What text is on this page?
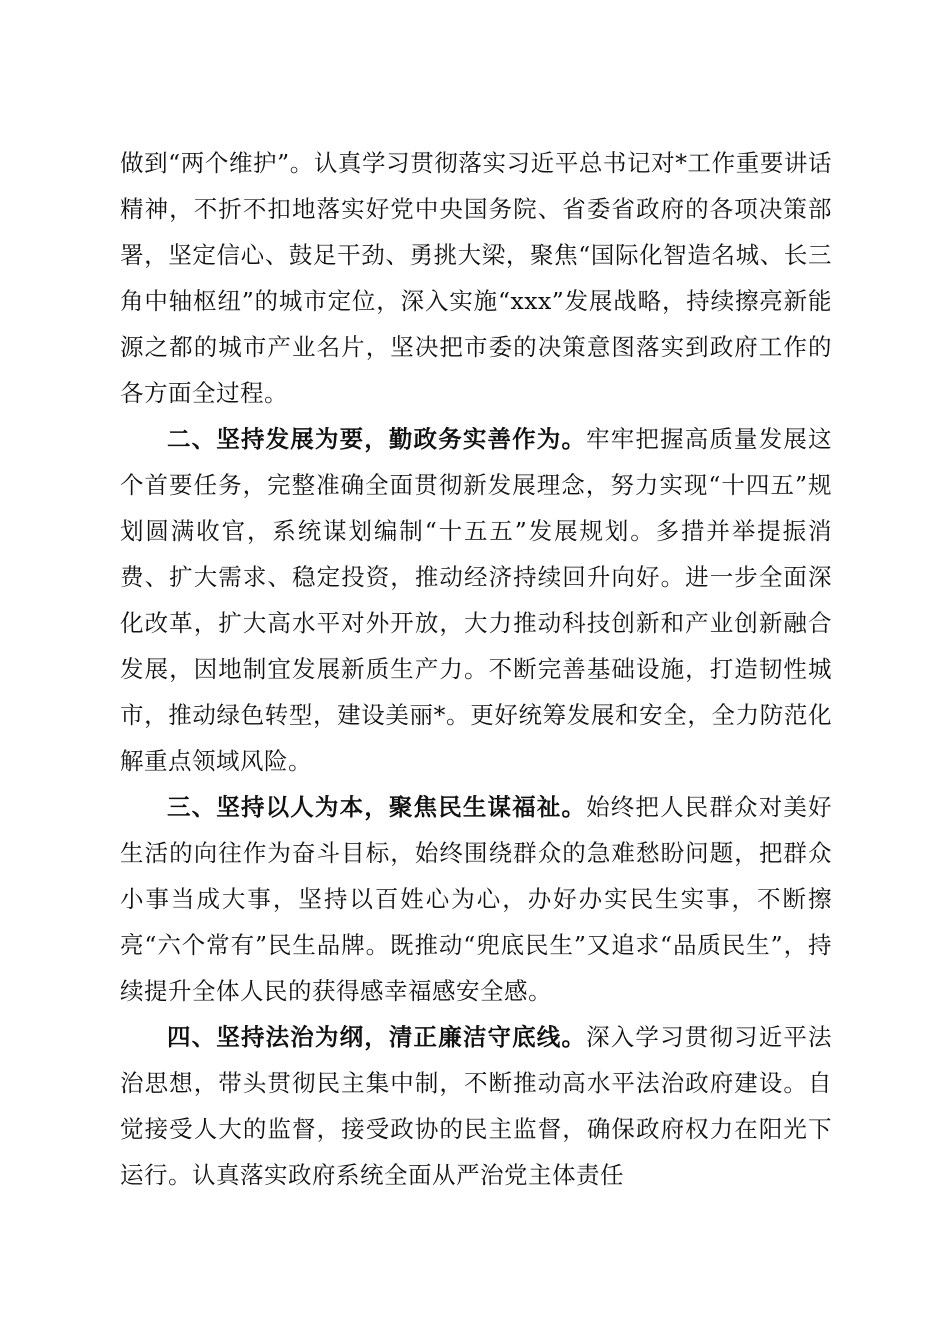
做到“两个维护”。认真学习贯彻落实习近平总书记对*工作重要讲话精神，不折不扣地落实好党中央国务院、省委省政府的各项决策部署，坚定信心、鼓足干劲、勇挑大梁，聚焦“国际化智造名城、长三角中轴枢纽”的城市定位，深入实施“xxx”发展战略，持续擦亮新能源之都的城市产业名片，坚决把市委的决策意图落实到政府工作的各方面全过程。

二、坚持发展为要，勤政务实善作为。牢牢把握高质量发展这个首要任务，完整准确全面贯彻新发展理念，努力实现“十四五”规划圆满收官，系统谋划编制“十五五”发展规划。多措并举提振消费、扩大需求、稳定投资，推动经济持续回升向好。进一步全面深化改革，扩大高水平对外开放，大力推动科技创新和产业创新融合发展，因地制宜发展新质生产力。不断完善基础设施，打造韧性城市，推动绿色转型，建设美丽*。更好统筹发展和安全，全力防范化解重点领域风险。

三、坚持以人为本，聚焦民生谋福祉。始终把人民群众对美好生活的向往作为奋斗目标，始终围绕群众的急难愁盼问题，把群众小事当成大事，坚持以百姓心为心，办好办实民生实事，不断擦亮“六个常有”民生品牌。既推动“兜底民生”又追求“品质民生”，持续提升全体人民的获得感幸福感安全感。

四、坚持法治为纲，清正廉洁守底线。深入学习贯彻习近平法治思想，带头贯彻民主集中制，不断推动高水平法治政府建设。自觉接受人大的监督，接受政协的民主监督，确保政府权力在阳光下运行。认真落实政府系统全面从严治党主体责任
